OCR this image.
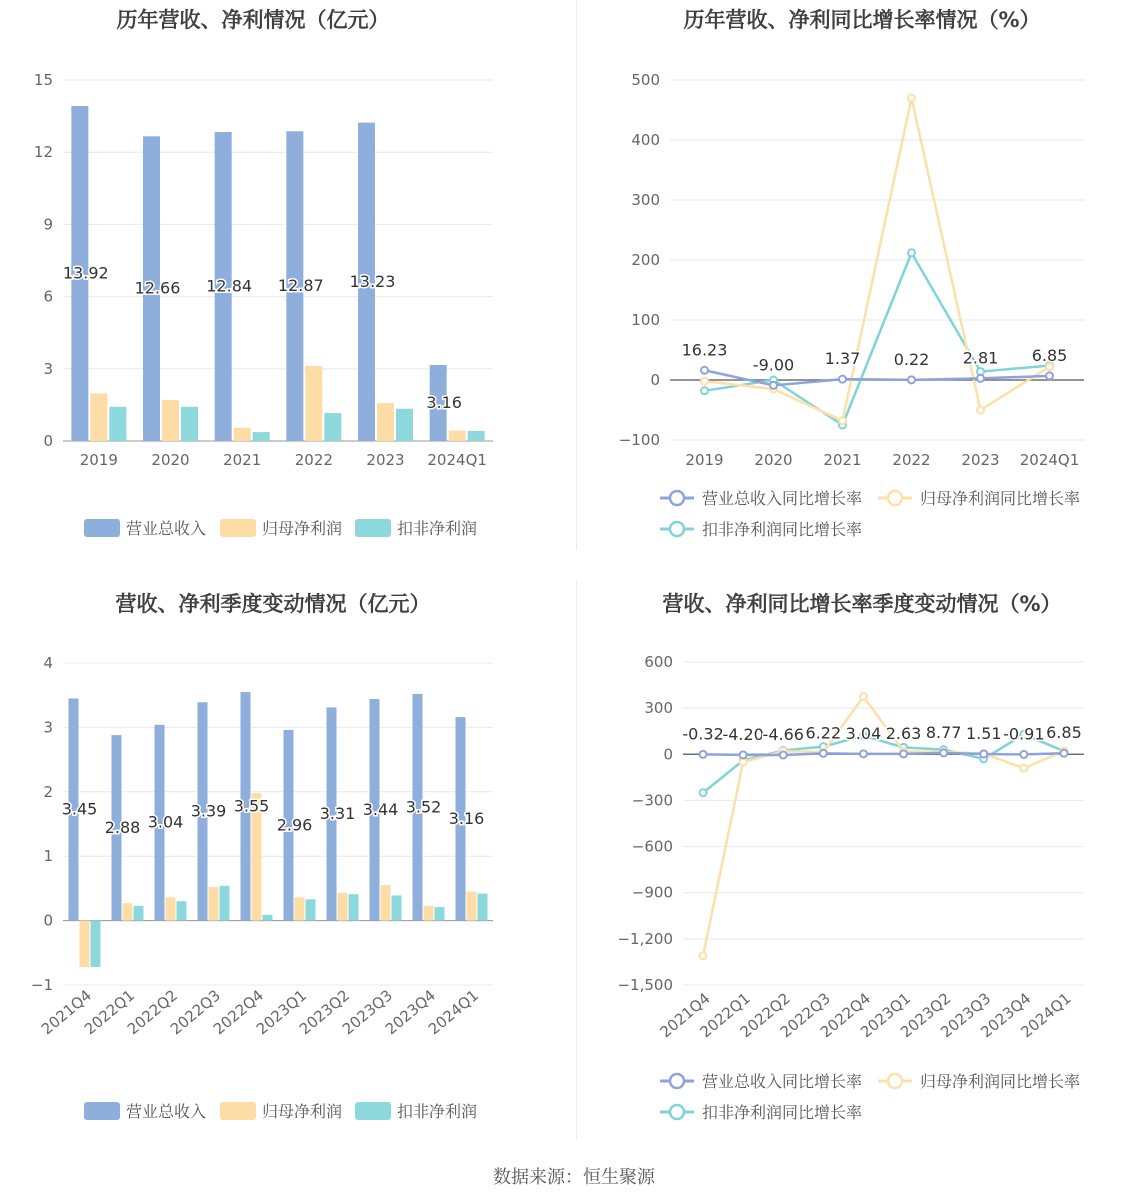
历年营收、净利情况（亿元）
0
3
6
9
12
15
13.92
2019
12.66
2020
12.84
2021
12.87
2022
13.23
2023
3.16
2024Q1
营业总收入	归母净利润	扣非净利润
历年营收、净利同比增长率情况（%）
−100
0
100
200
300
400
500
16.23
-9.00 1.37 0.22 2.81 6.85
2019 2020 2021 2022 2023 2024Q1
营业总收入同比增长率	归母净利润同比增长率
扣非净利润同比增长率
营收、净利季度变动情况（亿元）
−1
0
1
2
3
4
3.45
2021Q4
2.88
2022Q1
3.04
2022Q2
3.39
2022Q3
3.55
2022Q4
2.96
2023Q1
3.31
2023Q2
3.44
2023Q3
3.52
2023Q4
3.16
2024Q1
营业总收入	归母净利润	扣非净利润
营收、净利同比增长率季度变动情况（%）
−1,500
−1,200
−900
−600
−300
0
300
600
-0.32
-4.20
-4.66 6.22 3.04 2.63 8.77 1.51 -0.91 6.85
2021Q4
2022Q1
2022Q2
2022Q3
2022Q4
2023Q1
2023Q2
2023Q3
2023Q4
2024Q1
营业总收入同比增长率	归母净利润同比增长率
扣非净利润同比增长率
数据来源：恒生聚源
